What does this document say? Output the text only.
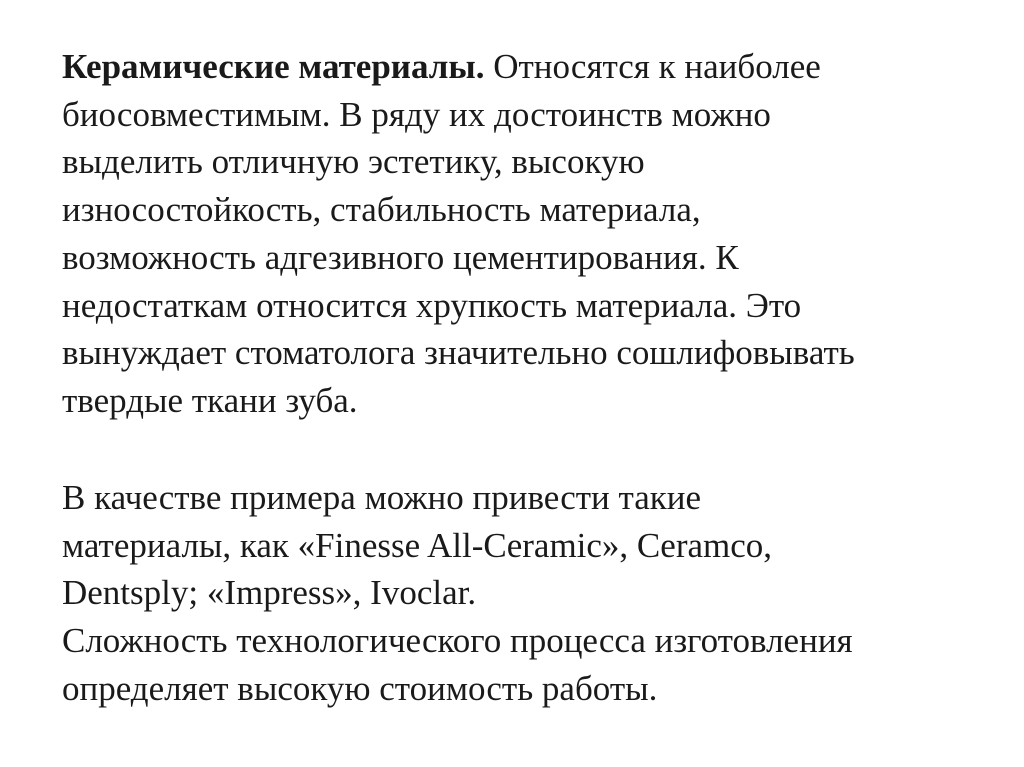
Керамические материалы. Относятся к наиболее
биосовместимым. В ряду их достоинств можно
выделить отличную эстетику, высокую
износостойкость, стабильность материала,
возможность адгезивного цементирования. К
недостаткам относится хрупкость материала. Это
вынуждает стоматолога значительно сошлифовывать
твердые ткани зуба.
В качестве примера можно привести такие
материалы, как «Finesse All-Ceramic», Ceramco,
Dentsply; «Impress», Ivoclar.
Сложность технологического процесса изготовления
определяет высокую стоимость работы.
